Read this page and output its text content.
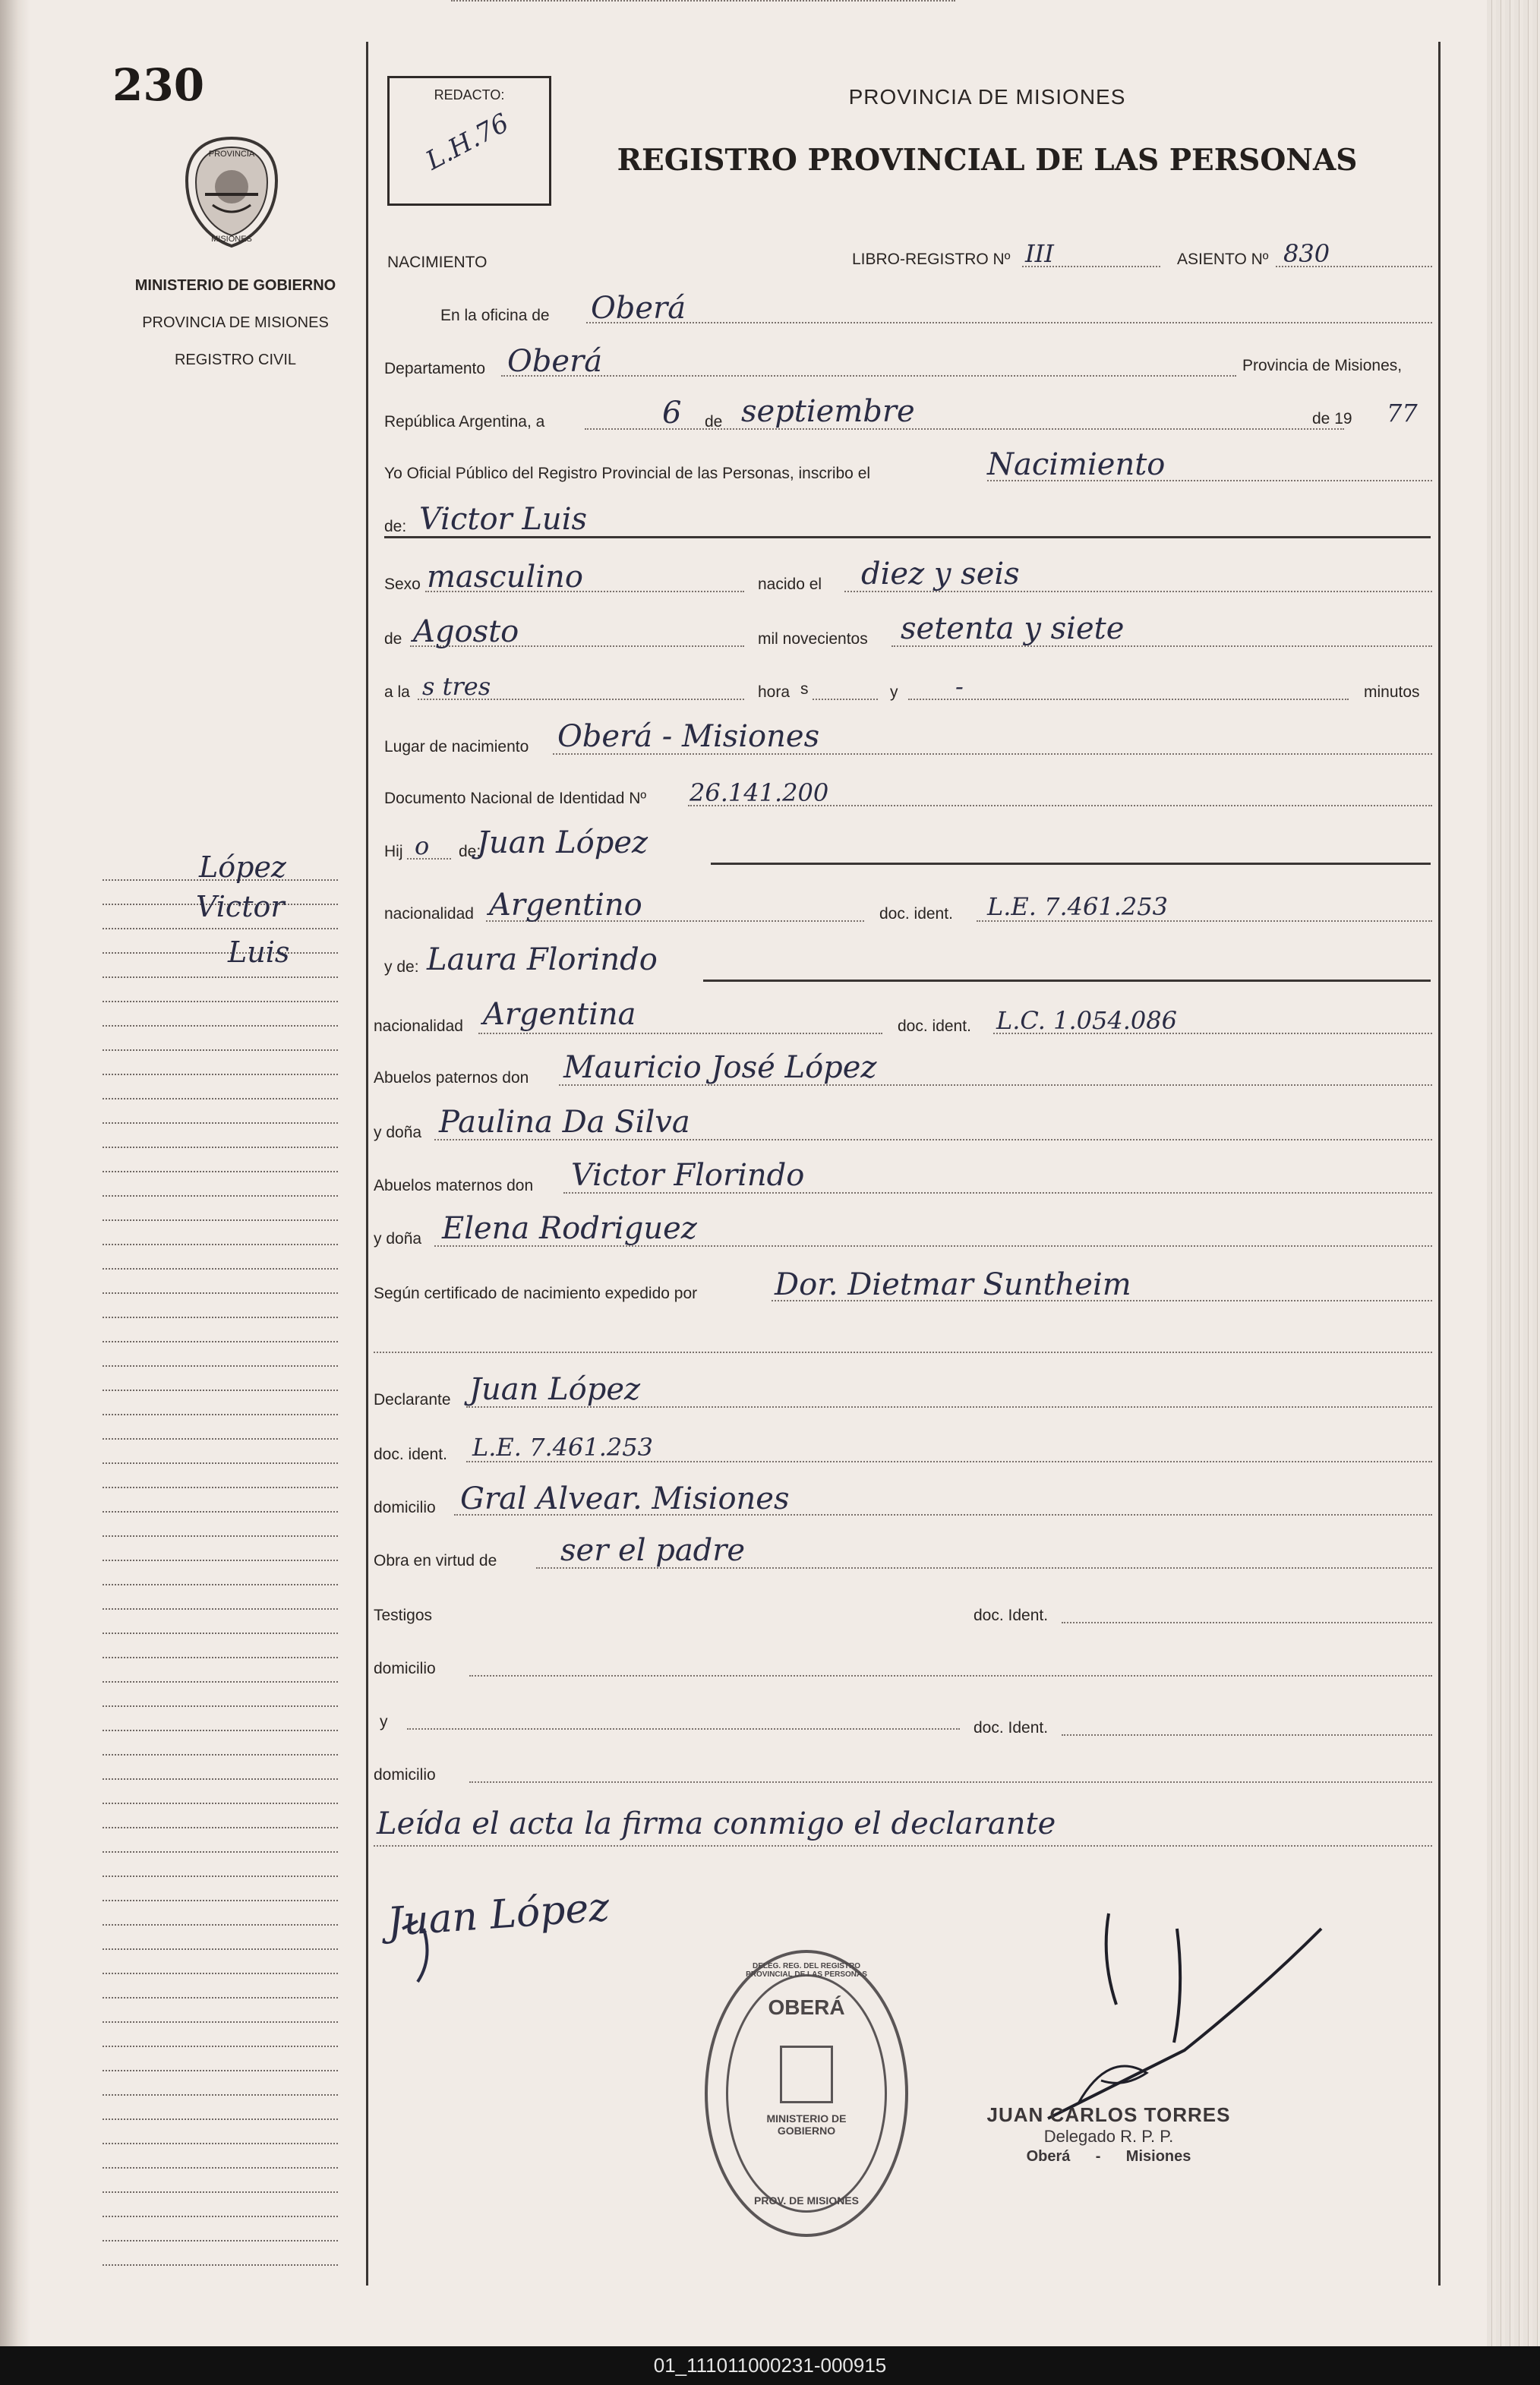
230
PROVINCIA
MISIONES
MINISTERIO DE GOBIERNO
PROVINCIA DE MISIONES
REGISTRO CIVIL
López
Victor
Luis
REDACTO:
L.H.76
PROVINCIA DE MISIONES
REGISTRO PROVINCIAL DE LAS PERSONAS
NACIMIENTO	LIBRO-REGISTRO Nº III	ASIENTO Nº 830
En la oficina de Oberá
Departamento Oberá	Provincia de Misiones,
República Argentina, a	6 de septiembre	de 19 77
Yo Oficial Público del Registro Provincial de las Personas, inscribo el	Nacimiento
de: Victor Luis
Sexo masculino	nacido el diez y seis
de Agosto	mil novecientos setenta y siete
a la s tres	hora s	y -	minutos
Lugar de nacimiento Oberá - Misiones
Documento Nacional de Identidad Nº 26.141.200
Hij o de:
Juan López
nacionalidad Argentino	doc. ident. L.E. 7.461.253
y de: Laura Florindo
nacionalidad Argentina	doc. ident. L.C. 1.054.086
Abuelos paternos don Mauricio José López
y doña Paulina Da Silva
Abuelos maternos don Victor Florindo
y doña Elena Rodriguez
Según certificado de nacimiento expedido por	Dor. Dietmar Suntheim
Declarante Juan López
doc. ident. L.E. 7.461.253
domicilio Gral Alvear. Misiones
Obra en virtud de ser el padre
Testigos	doc. Ident.
domicilio
y	doc. Ident.
domicilio
Leída el acta la firma conmigo el declarante
Juan López
DELEG. REG. DEL REGISTRO PROVINCIAL DE LAS PERSONAS
OBERÁ
MINISTERIO DE GOBIERNO
PROV. DE MISIONES
JUAN CARLOS TORRES
Delegado R. P. P.
Oberá - Misiones
01_111011000231-000915
